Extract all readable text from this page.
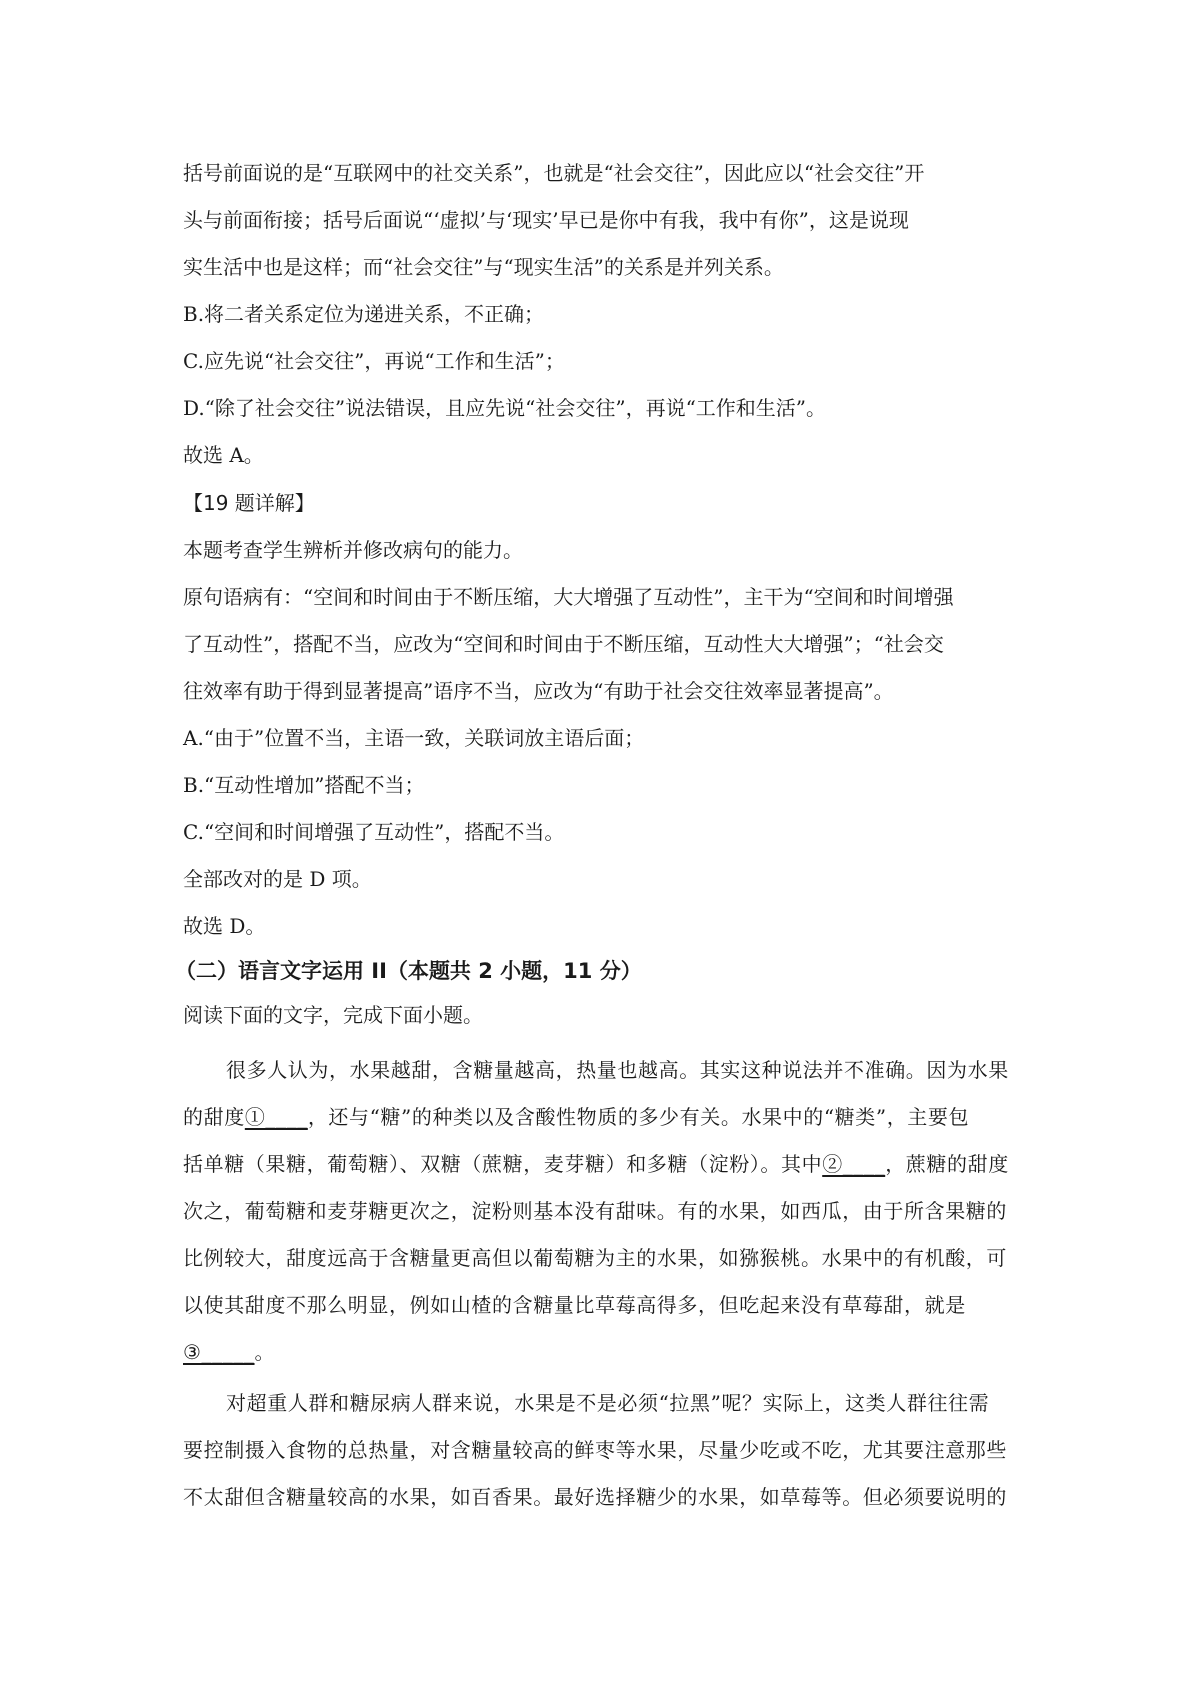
括号前面说的是“互联网中的社交关系”，也就是“社会交往”，因此应以“社会交往”开
头与前面衔接；括号后面说“‘虚拟’与‘现实’早已是你中有我，我中有你”，这是说现
实生活中也是这样；而“社会交往”与“现实生活”的关系是并列关系。
B.将二者关系定位为递进关系，不正确；
C.应先说“社会交往”，再说“工作和生活”；
D.“除了社会交往”说法错误，且应先说“社会交往”，再说“工作和生活”。
故选 A。
【19 题详解】
本题考查学生辨析并修改病句的能力。
原句语病有：“空间和时间由于不断压缩，大大增强了互动性”，主干为“空间和时间增强
了互动性”，搭配不当，应改为“空间和时间由于不断压缩，互动性大大增强”；“社会交
往效率有助于得到显著提高”语序不当，应改为“有助于社会交往效率显著提高”。
A.“由于”位置不当，主语一致，关联词放主语后面；
B.“互动性增加”搭配不当；
C.“空间和时间增强了互动性”，搭配不当。
全部改对的是 D 项。
故选 D。
（二）语言文字运用 II（本题共 2 小题，11 分）
阅读下面的文字，完成下面小题。
很多人认为，水果越甜，含糖量越高，热量也越高。其实这种说法并不准确。因为水果
的甜度①____，还与“糖”的种类以及含酸性物质的多少有关。水果中的“糖类”，主要包
括单糖（果糖，葡萄糖）、双糖（蔗糖，麦芽糖）和多糖（淀粉）。其中②____，蔗糖的甜度
次之，葡萄糖和麦芽糖更次之，淀粉则基本没有甜味。有的水果，如西瓜，由于所含果糖的
比例较大，甜度远高于含糖量更高但以葡萄糖为主的水果，如猕猴桃。水果中的有机酸，可
以使其甜度不那么明显，例如山楂的含糖量比草莓高得多，但吃起来没有草莓甜，就是
③_____。
对超重人群和糖尿病人群来说，水果是不是必须“拉黑”呢？实际上，这类人群往往需
要控制摄入食物的总热量，对含糖量较高的鲜枣等水果，尽量少吃或不吃，尤其要注意那些
不太甜但含糖量较高的水果，如百香果。最好选择糖少的水果，如草莓等。但必须要说明的
